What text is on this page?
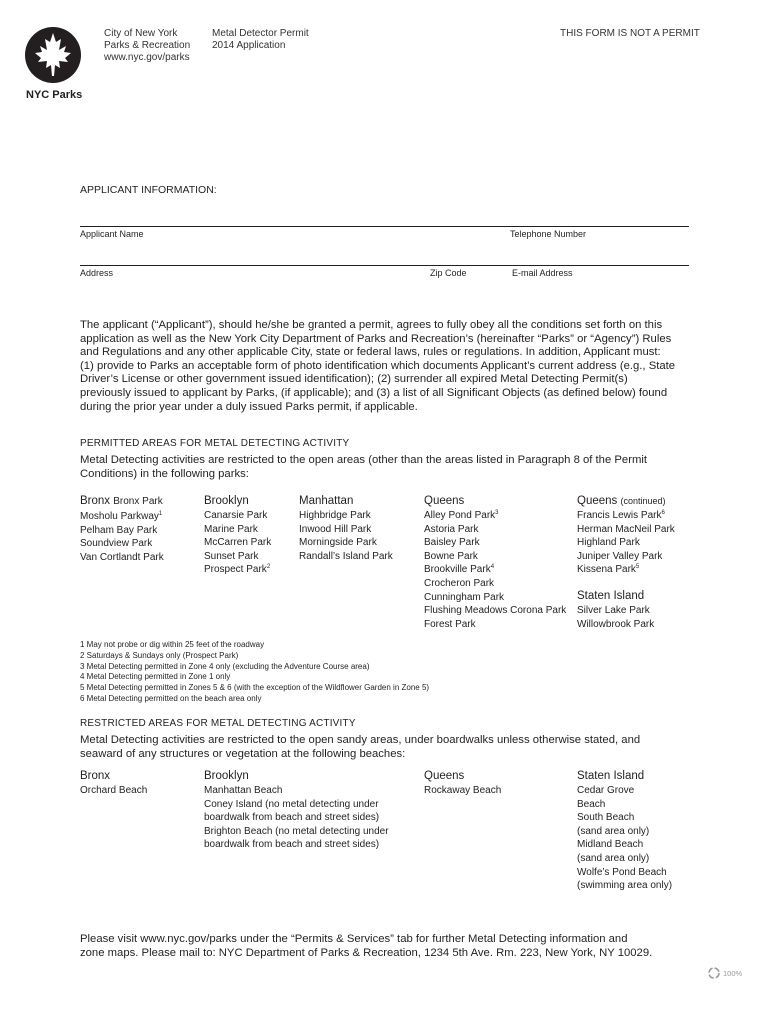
NYC Parks
City of New York
Parks & Recreation
www.nyc.gov/parks
Metal Detector Permit
2014 Application
THIS FORM IS NOT A PERMIT
APPLICANT INFORMATION:
Applicant Name	Telephone Number
Address	Zip Code	E-mail Address
The applicant (“Applicant”), should he/she be granted a permit, agrees to fully obey all the conditions set forth on this
application as well as the New York City Department of Parks and Recreation’s (hereinafter “Parks” or “Agency”) Rules
and Regulations and any other applicable City, state or federal laws, rules or regulations. In addition, Applicant must:
(1) provide to Parks an acceptable form of photo identification which documents Applicant’s current address (e.g., State
Driver’s License or other government issued identification); (2) surrender all expired Metal Detecting Permit(s)
previously issued to applicant by Parks, (if applicable); and (3) a list of all Significant Objects (as defined below) found
during the prior year under a duly issued Parks permit, if applicable.
PERMITTED AREAS FOR METAL DETECTING ACTIVITY
Metal Detecting activities are restricted to the open areas (other than the areas listed in Paragraph 8 of the Permit
Conditions) in the following parks:
Bronx Bronx Park
Mosholu Parkway$^1$
Pelham Bay Park
Soundview Park
Van Cortlandt Park
Brooklyn
Canarsie Park
Marine Park
McCarren Park
Sunset Park
Prospect Park$^2$
Manhattan
Highbridge Park
Inwood Hill Park
Morningside Park
Randall’s Island Park
Queens
Alley Pond Park$^3$
Astoria Park
Baisley Park
Bowne Park
Brookville Park$^4$
Crocheron Park
Cunningham Park
Flushing Meadows Corona Park
Forest Park
Queens (continued)
Francis Lewis Park$^6$
Herman MacNeil Park
Highland Park
Juniper Valley Park
Kissena Park$^5$
Staten Island
Silver Lake Park
Willowbrook Park
1 May not probe or dig within 25 feet of the roadway
2 Saturdays & Sundays only (Prospect Park)
3 Metal Detecting permitted in Zone 4 only (excluding the Adventure Course area)
4 Metal Detecting permitted in Zone 1 only
5 Metal Detecting permitted in Zones 5 & 6 (with the exception of the Wildflower Garden in Zone 5)
6 Metal Detecting permitted on the beach area only
RESTRICTED AREAS FOR METAL DETECTING ACTIVITY
Metal Detecting activities are restricted to the open sandy areas, under boardwalks unless otherwise stated, and
seaward of any structures or vegetation at the following beaches:
Bronx
Orchard Beach
Brooklyn
Manhattan Beach
Coney Island (no metal detecting under
boardwalk from beach and street sides)
Brighton Beach (no metal detecting under
boardwalk from beach and street sides)
Queens
Rockaway Beach
Staten Island
Cedar Grove
Beach
South Beach
(sand area only)
Midland Beach
(sand area only)
Wolfe’s Pond Beach
(swimming area only)
Please visit www.nyc.gov/parks under the “Permits & Services” tab for further Metal Detecting information and
zone maps. Please mail to: NYC Department of Parks & Recreation, 1234 5th Ave. Rm. 223, New York, NY 10029.
100%
